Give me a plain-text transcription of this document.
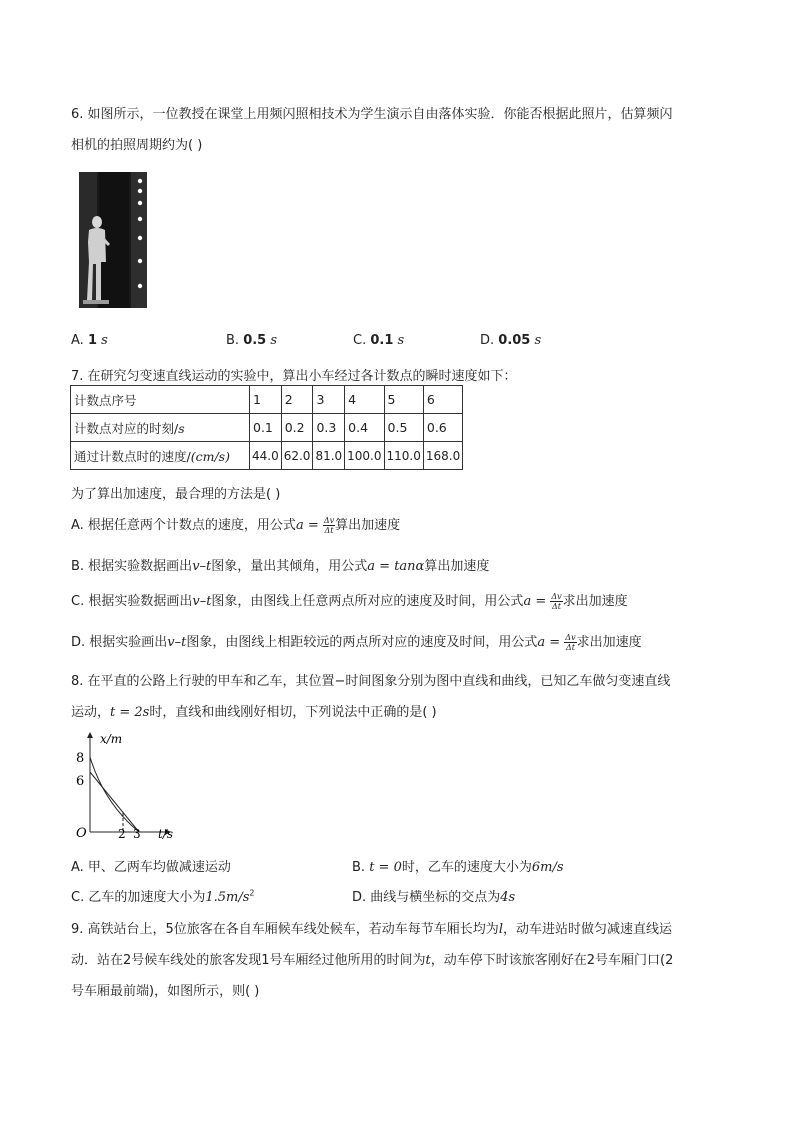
6. 如图所示，一位教授在课堂上用频闪照相技术为学生演示自由落体实验．你能否根据此照片，估算频闪
相机的拍照周期约为( )
A. 1 s	B. 0.5 s	C. 0.1 s	D. 0.05 s
7. 在研究匀变速直线运动的实验中，算出小车经过各计数点的瞬时速度如下：
计数点序号	1	2	3	4	5	6
计数点对应的时刻/s	0.1	0.2	0.3	0.4	0.5	0.6
通过计数点时的速度/(cm/s)	44.0	62.0	81.0	100.0	110.0	168.0
为了算出加速度，最合理的方法是( )
A. 根据任意两个计数点的速度，用公式$a = \frac{\Delta v}{\Delta t}$ 算出加速度
B. 根据实验数据画出v–t图象，量出其倾角，用公式a = tanα算出加速度
C. 根据实验数据画出v–t图象，由图线上任意两点所对应的速度及时间，用公式$a = \frac{\Delta v}{\Delta t}$ 求出加速度
D. 根据实验画出v–t图象，由图线上相距较远的两点所对应的速度及时间，用公式$a = \frac{\Delta v}{\Delta t}$ 求出加速度
8. 在平直的公路上行驶的甲车和乙车，其位置−时间图象分别为图中直线和曲线，已知乙车做匀变速直线
运动，t = 2s时，直线和曲线刚好相切，下列说法中正确的是( )
x/m
8
6
O	2 3 t/s
A. 甲、乙两车均做减速运动	B. t = 0时，乙车的速度大小为6m/s
C. 乙车的加速度大小为$1.5m/s^2$	D. 曲线与横坐标的交点为4s
9. 高铁站台上，5位旅客在各自车厢候车线处候车，若动车每节车厢长均为l，动车进站时做匀减速直线运
动．站在2号候车线处的旅客发现1号车厢经过他所用的时间为t，动车停下时该旅客刚好在2号车厢门口(2
号车厢最前端)，如图所示，则( )
